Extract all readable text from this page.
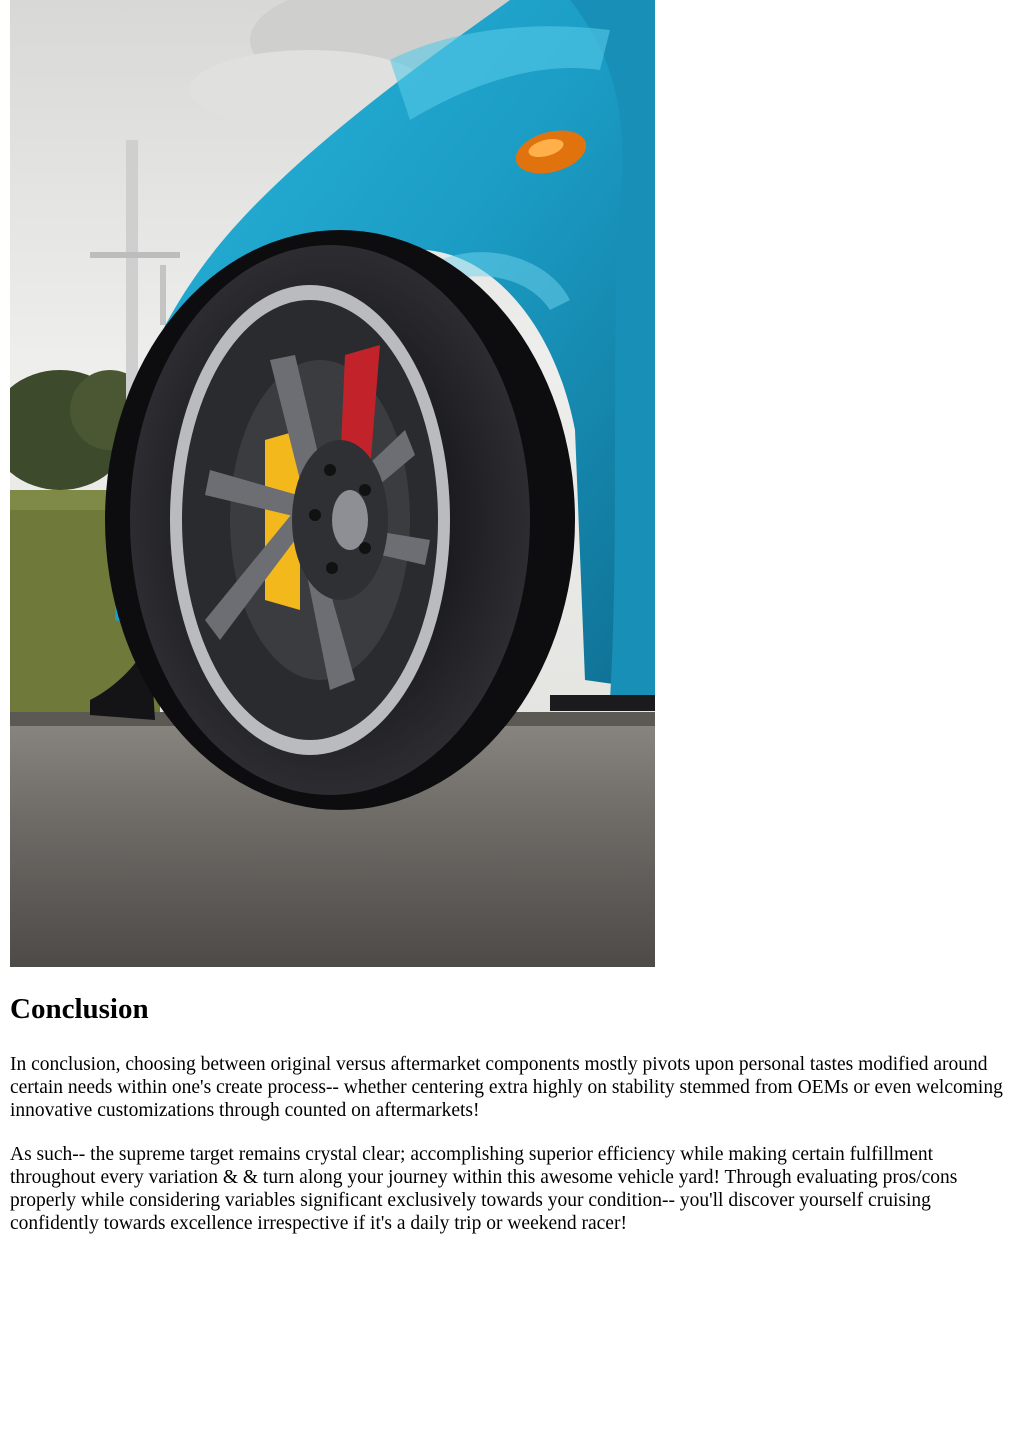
Conclusion

In conclusion, choosing between original versus aftermarket components mostly pivots upon personal tastes modified around certain needs within one's create process-- whether centering extra highly on stability stemmed from OEMs or even welcoming innovative customizations through counted on aftermarkets!

As such-- the supreme target remains crystal clear; accomplishing superior efficiency while making certain fulfillment throughout every variation & & turn along your journey within this awesome vehicle yard! Through evaluating pros/cons properly while considering variables significant exclusively towards your condition-- you'll discover yourself cruising confidently towards excellence irrespective if it's a daily trip or weekend racer!
